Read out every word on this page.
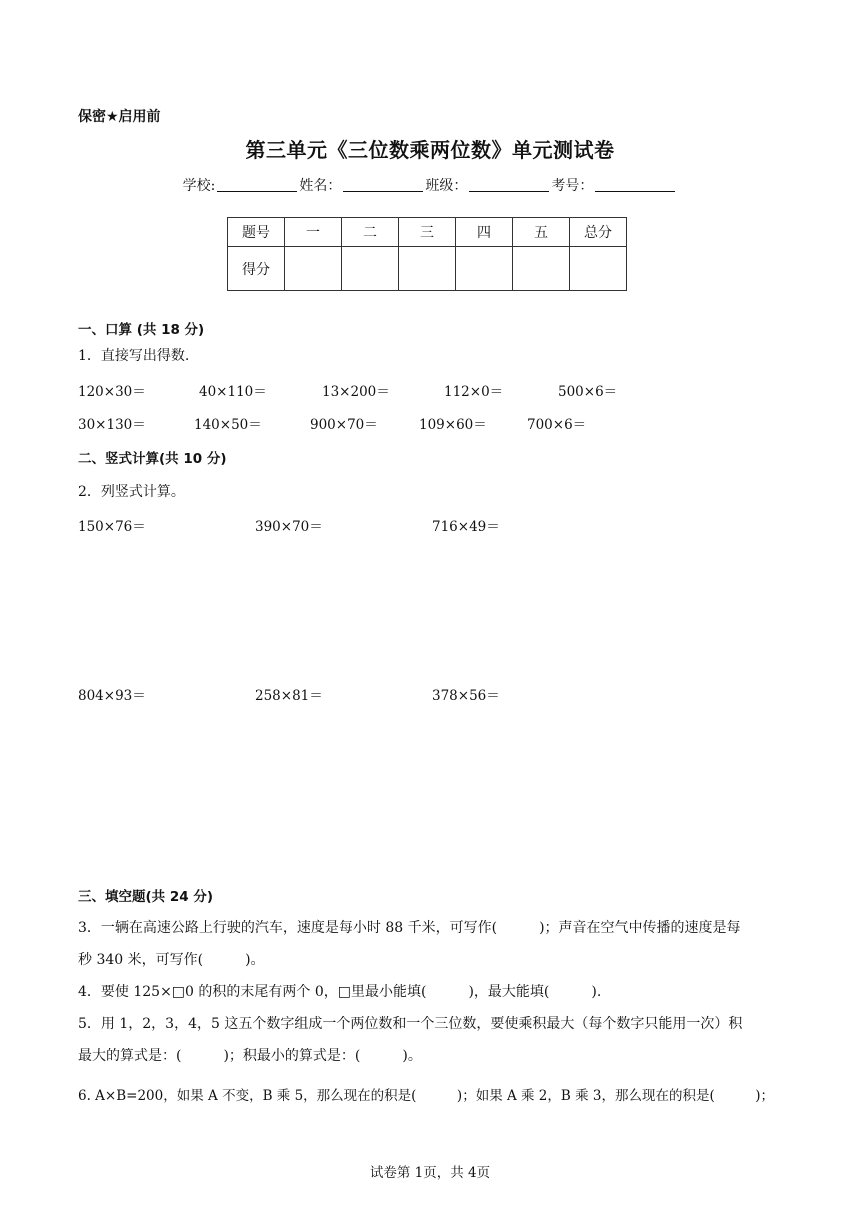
保密★启用前
第三单元《三位数乘两位数》单元测试卷
学校:	姓名：	班级：	考号：
题号	一	二	三	四	五	总分
得分						
一、口算 (共 18 分)
1．直接写出得数.
120×30＝	40×110＝	13×200＝	112×0＝	500×6＝
30×130＝	140×50＝	900×70＝	109×60＝	700×6＝
二、竖式计算(共 10 分)
2．列竖式计算。
150×76＝	390×70＝	716×49＝
804×93＝	258×81＝	378×56＝
三、填空题(共 24 分)
3．一辆在高速公路上行驶的汽车，速度是每小时 88 千米，可写作(　　　)；声音在空气中传播的速度是每
秒 340 米，可写作(　　　)。
4．要使 125×□0 的积的末尾有两个 0，□里最小能填(　　　)，最大能填(　　　).
5．用 1，2，3，4，5 这五个数字组成一个两位数和一个三位数，要使乘积最大（每个数字只能用一次）积
最大的算式是：(　　　)；积最小的算式是：(　　　)。
6. A×B=200，如果 A 不变，B 乘 5，那么现在的积是(　　　)；如果 A 乘 2，B 乘 3，那么现在的积是(　　　)；
试卷第 1页，共 4页
